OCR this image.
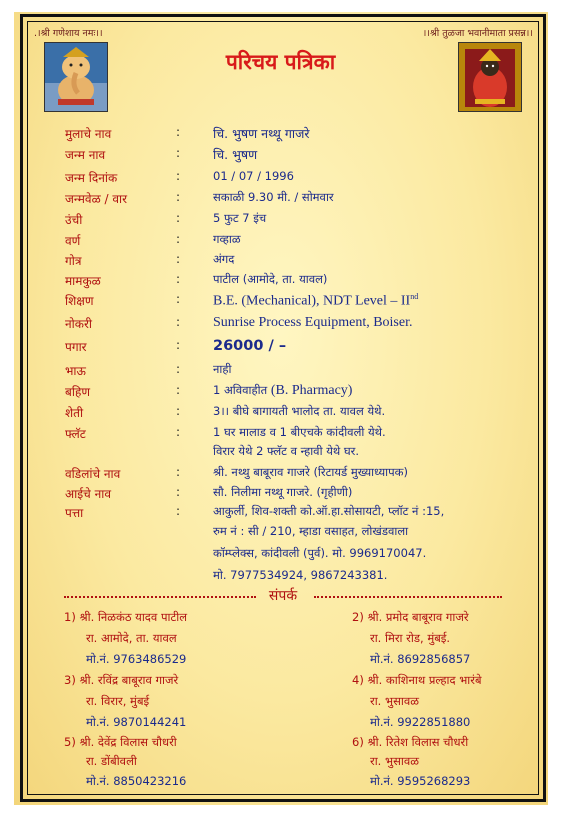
.।श्री गणेशाय नमः।।	।।श्री तुळजा भवानीमाता प्रसन्न।।
परिचय पत्रिका
मुलाचे नाव	:	चि. भुषण नथ्थू गाजरे
जन्म नाव	:	चि. भुषण
जन्म दिनांक	:	01 / 07 / 1996
जन्मवेळ / वार	:	सकाळी 9.30 मी. / सोमवार
उंची	:	5 फुट 7 इंच
वर्ण	:	गव्हाळ
गोत्र	:	अंगद
मामकुळ	:	पाटील (आमोदे, ता. यावल)
शिक्षण	: B.E. (Mechanical), NDT Level – IInd
नोकरी	: Sunrise Process Equipment, Boiser.
पगार	: 26000 / –
भाऊ	:	नाही
बहिण	:	1 अविवाहीत (B. Pharmacy)
शेती	:	3।। बीघे बागायती भालोद ता. यावल येथे.
फ्लॅट	:	1 घर मालाड व 1 बीएचके कांदीवली येथे.
विरार येथे 2 फ्लॅट व न्हावी येथे घर.
वडिलांचे नाव	:	श्री. नथ्थु बाबूराव गाजरे (रिटायर्ड मुख्याध्यापक)
आईचे नाव	:	सौ. निलीमा नथ्थू गाजरे. (गृहीणी)
पत्ता	:	आकुर्ली, शिव-शक्ती को.ऑ.हा.सोसायटी, प्लॉट नं :15,
रुम नं : सी / 210, म्हाडा वसाहत, लोखंडवाला
कॉम्प्लेक्स, कांदीवली (पुर्व). मो. 9969170047.
मो. 7977534924, 9867243381.
संपर्क
1) श्री. निळकंठ यादव पाटील
रा. आमोदे, ता. यावल
मो.नं. 9763486529
2) श्री. प्रमोद बाबूराव गाजरे
रा. मिरा रोड, मुंबई.
मो.नं. 8692856857
3) श्री. रविंद्र बाबूराव गाजरे
रा. विरार, मुंबई
मो.नं. 9870144241
4) श्री. काशिनाथ प्रल्हाद भारंबे
रा. भुसावळ
मो.नं. 9922851880
5) श्री. देवेंद्र विलास चौधरी
रा. डोंबीवली
मो.नं. 8850423216
6) श्री. रितेश विलास चौधरी
रा. भुसावळ
मो.नं. 9595268293
